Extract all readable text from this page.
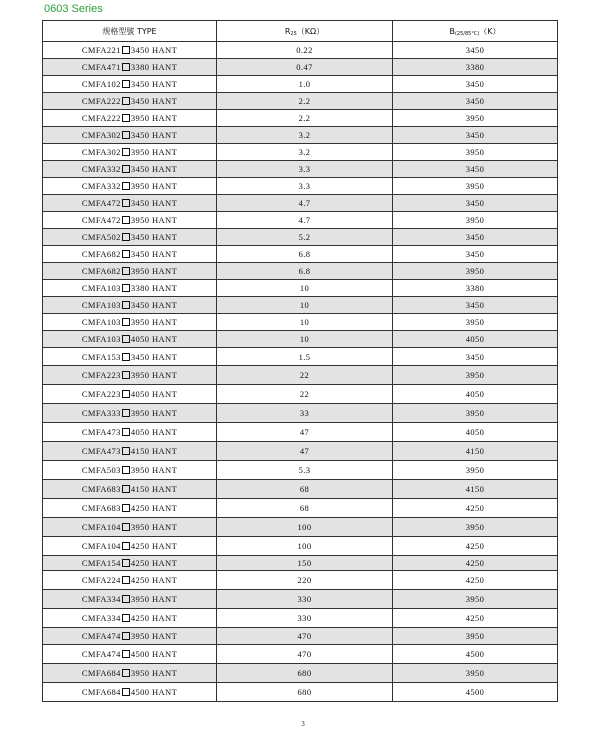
0603 Series
规格型號 TYPE	$R_{25}(K\Omega)$	$B_{(25/85^\circ C)}(K)$
CMFA221 3450 HANT	0.22	3450
CMFA471 3380 HANT	0.47	3380
CMFA102 3450 HANT	1.0	3450
CMFA222 3450 HANT	2.2	3450
CMFA222 3950 HANT	2.2	3950
CMFA302 3450 HANT	3.2	3450
CMFA302 3950 HANT	3.2	3950
CMFA332 3450 HANT	3.3	3450
CMFA332 3950 HANT	3.3	3950
CMFA472 3450 HANT	4.7	3450
CMFA472 3950 HANT	4.7	3950
CMFA502 3450 HANT	5.2	3450
CMFA682 3450 HANT	6.8	3450
CMFA682 3950 HANT	6.8	3950
CMFA103 3380 HANT	10	3380
CMFA103 3450 HANT	10	3450
CMFA103 3950 HANT	10	3950
CMFA103 4050 HANT	10	4050
CMFA153 3450 HANT	1.5	3450
CMFA223 3950 HANT	22	3950
CMFA223 4050 HANT	22	4050
CMFA333 3950 HANT	33	3950
CMFA473 4050 HANT	47	4050
CMFA473 4150 HANT	47	4150
CMFA503 3950 HANT	5.3	3950
CMFA683 4150 HANT	68	4150
CMFA683 4250 HANT	68	4250
CMFA104 3950 HANT	100	3950
CMFA104 4250 HANT	100	4250
CMFA154 4250 HANT	150	4250
CMFA224 4250 HANT	220	4250
CMFA334 3950 HANT	330	3950
CMFA334 4250 HANT	330	4250
CMFA474 3950 HANT	470	3950
CMFA474 4500 HANT	470	4500
CMFA684 3950 HANT	680	3950
CMFA684 4500 HANT	680	4500
3
